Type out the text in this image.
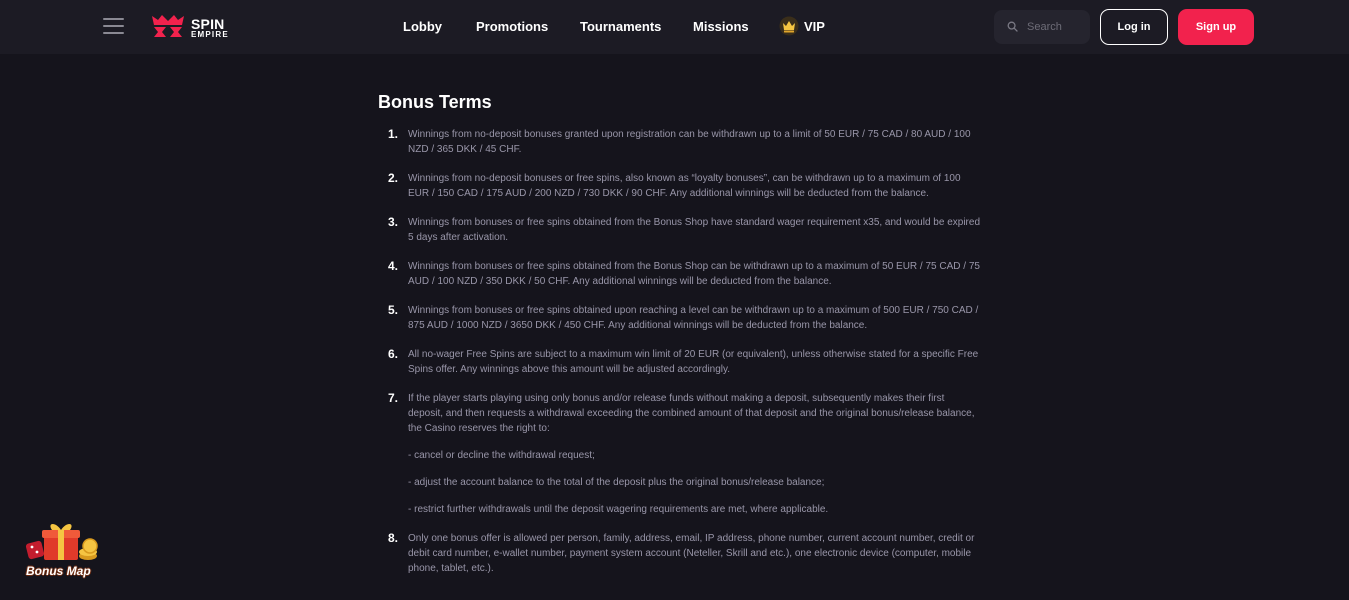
SPIN
EMPIRE
Lobby	Promotions Tournaments Missions	VIP
Search	Log in	Sign up
Bonus Terms
1. Winnings from no-deposit bonuses granted upon registration can be withdrawn up to a limit of 50 EUR / 75 CAD / 80 AUD / 100 NZD / 365 DKK / 45 CHF.

2. Winnings from no-deposit bonuses or free spins, also known as “loyalty bonuses”, can be withdrawn up to a maximum of 100 EUR / 150 CAD / 175 AUD / 200 NZD / 730 DKK / 90 CHF. Any additional winnings will be deducted from the balance.

3. Winnings from bonuses or free spins obtained from the Bonus Shop have standard wager requirement x35, and would be expired 5 days after activation.

4. Winnings from bonuses or free spins obtained from the Bonus Shop can be withdrawn up to a maximum of 50 EUR / 75 CAD / 75 AUD / 100 NZD / 350 DKK / 50 CHF. Any additional winnings will be deducted from the balance.

5. Winnings from bonuses or free spins obtained upon reaching a level can be withdrawn up to a maximum of 500 EUR / 750 CAD / 875 AUD / 1000 NZD / 3650 DKK / 450 CHF. Any additional winnings will be deducted from the balance.

6. All no-wager Free Spins are subject to a maximum win limit of 20 EUR (or equivalent), unless otherwise stated for a specific Free Spins offer. Any winnings above this amount will be adjusted accordingly.

7. If the player starts playing using only bonus and/or release funds without making a deposit, subsequently makes their first deposit, and then requests a withdrawal exceeding the combined amount of that deposit and the original bonus/release balance, the Casino reserves the right to:

- cancel or decline the withdrawal request;

- adjust the account balance to the total of the deposit plus the original bonus/release balance;

- restrict further withdrawals until the deposit wagering requirements are met, where applicable.

8. Only one bonus offer is allowed per person, family, address, email, IP address, phone number, current account number, credit or debit card number, e-wallet number, payment system account (Neteller, Skrill and etc.), one electronic device (computer, mobile phone, tablet, etc.).

Bonus Map
